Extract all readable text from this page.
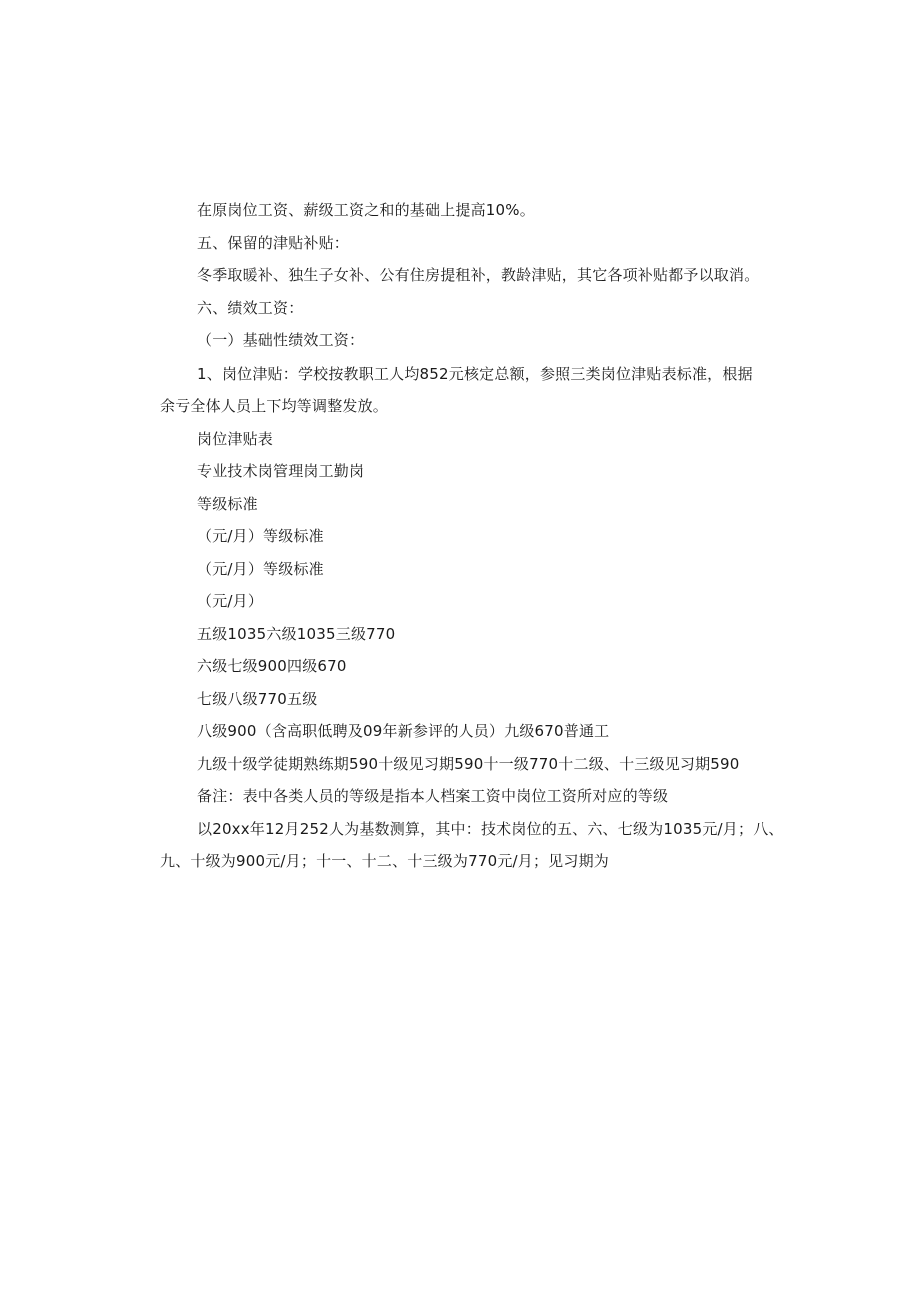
在原岗位工资、薪级工资之和的基础上提高10%。
五、保留的津贴补贴：
冬季取暖补、独生子女补、公有住房提租补，教龄津贴，其它各项补贴都予以取消。
六、绩效工资：
（一）基础性绩效工资：
1、岗位津贴：学校按教职工人均852元核定总额，参照三类岗位津贴表标准，根据
余亏全体人员上下均等调整发放。
岗位津贴表
专业技术岗管理岗工勤岗
等级标准
（元/月）等级标准
（元/月）等级标准
（元/月）
五级1035六级1035三级770
六级七级900四级670
七级八级770五级
八级900（含高职低聘及09年新参评的人员）九级670普通工
九级十级学徒期熟练期590十级见习期590十一级770十二级、十三级见习期590
备注：表中各类人员的等级是指本人档案工资中岗位工资所对应的等级
以20xx年12月252人为基数测算，其中：技术岗位的五、六、七级为1035元/月；八、
九、十级为900元/月；十一、十二、十三级为770元/月；见习期为
